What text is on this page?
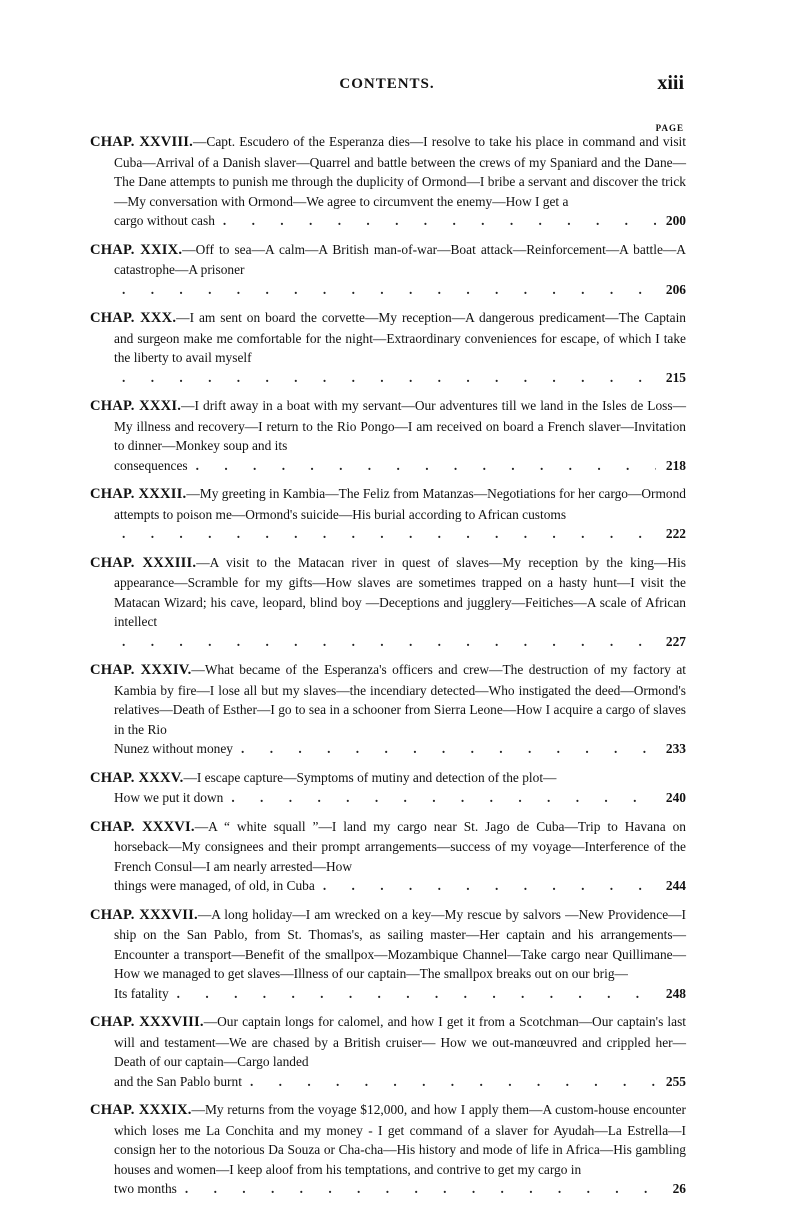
CONTENTS.	xiii
PAGE
CHAP. XXVIII.—Capt. Escudero of the Esperanza dies—I resolve to take his place in command and visit Cuba—Arrival of a Danish slaver—Quarrel and battle between the crews of my Spaniard and the Dane—The Dane attempts to punish me through the duplicity of Ormond—I bribe a servant and discover the trick—My conversation with Ormond—We agree to circumvent the enemy—How I get a
cargo without cash . . .	200
CHAP. XXIX.—Off to sea—A calm—A British man-of-war—Boat attack—Reinforcement—A battle—A catastrophe—A prisoner
. . .
206
CHAP. XXX.—I am sent on board the corvette—My reception—A dangerous predicament—The Captain and surgeon make me comfortable for the night—Extraordinary conveniences for escape, of which I take the liberty to avail myself
. . .
215
CHAP. XXXI.—I drift away in a boat with my servant—Our adventures till we land in the Isles de Loss—My illness and recovery—I return to the Rio Pongo—I am received on board a French slaver—Invitation to dinner—Monkey soup and its
consequences . . .	218
CHAP. XXXII.—My greeting in Kambia—The Feliz from Matanzas—Negotiations for her cargo—Ormond attempts to poison me—Ormond's suicide—His burial according to African customs
. . .
222
CHAP. XXXIII.—A visit to the Matacan river in quest of slaves—My reception by the king—His appearance—Scramble for my gifts—How slaves are sometimes trapped on a hasty hunt—I visit the Matacan Wizard; his cave, leopard, blind boy —Deceptions and jugglery—Feitiches—A scale of African intellect
. . .
227
CHAP. XXXIV.—What became of the Esperanza's officers and crew—The destruction of my factory at Kambia by fire—I lose all but my slaves—the incendiary detected—Who instigated the deed—Ormond's relatives—Death of Esther—I go to sea in a schooner from Sierra Leone—How I acquire a cargo of slaves in the Rio
Nunez without money . . .	233
CHAP. XXXV.—I escape capture—Symptoms of mutiny and detection of the plot—
How we put it down . . .	240
CHAP. XXXVI.—A “ white squall ”—I land my cargo near St. Jago de Cuba—Trip to Havana on horseback—My consignees and their prompt arrangements—success of my voyage—Interference of the French Consul—I am nearly arrested—How
things were managed, of old, in Cuba . . .	244
CHAP. XXXVII.—A long holiday—I am wrecked on a key—My rescue by salvors —New Providence—I ship on the San Pablo, from St. Thomas's, as sailing master—Her captain and his arrangements—Encounter a transport—Benefit of the smallpox—Mozambique Channel—Take cargo near Quillimane—How we managed to get slaves—Illness of our captain—The smallpox breaks out on our brig—
Its fatality . . .	248
CHAP. XXXVIII.—Our captain longs for calomel, and how I get it from a Scotchman—Our captain's last will and testament—We are chased by a British cruiser— How we out-manœuvred and crippled her—Death of our captain—Cargo landed
and the San Pablo burnt . . .	255
CHAP. XXXIX.—My returns from the voyage $12,000, and how I apply them—A custom-house encounter which loses me La Conchita and my money - I get command of a slaver for Ayudah—La Estrella—I consign her to the notorious Da Souza or Cha-cha—His history and mode of life in Africa—His gambling houses and women—I keep aloof from his temptations, and contrive to get my cargo in
two months . . .	26
